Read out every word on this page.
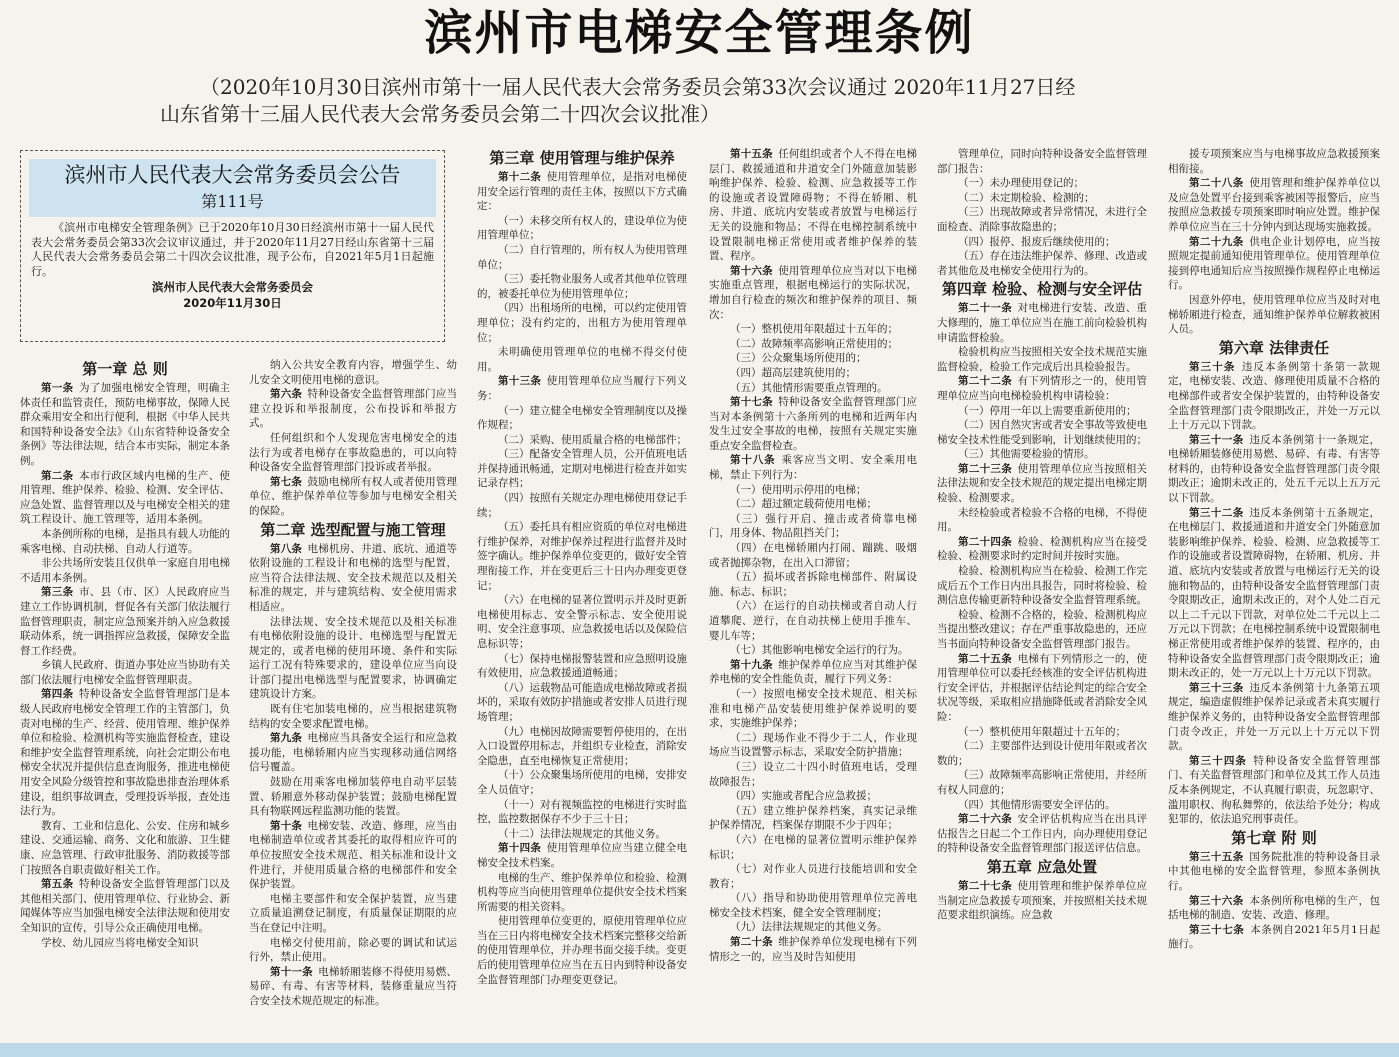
滨州市电梯安全管理条例

（2020年10月30日滨州市第十一届人民代表大会常务委员会第33次会议通过 2020年11月27日经

山东省第十三届人民代表大会常务委员会第二十四次会议批准）

滨州市人民代表大会常务委员会公告
第111号
《滨州市电梯安全管理条例》已于2020年10月30日经滨州市第十一届人民代表大会常务委员会第33次会议审议通过，并于2020年11月27日经山东省第十三届人民代表大会常务委员会第二十四次会议批准，现予公布，自2021年5月1日起施行。
滨州市人民代表大会常务委员会
2020年11月30日
第一章 总 则

第一条  为了加强电梯安全管理，明确主体责任和监管责任，预防电梯事故，保障人民群众乘用安全和出行便利，根据《中华人民共和国特种设备安全法》《山东省特种设备安全条例》等法律法规，结合本市实际，制定本条例。

第二条  本市行政区域内电梯的生产、使用管理、维护保养、检验、检测、安全评估、应急处置、监督管理以及与电梯安全相关的建筑工程设计、施工管理等，适用本条例。

本条例所称的电梯，是指具有载人功能的乘客电梯、自动扶梯、自动人行道等。

非公共场所安装且仅供单一家庭自用电梯不适用本条例。

第三条  市、县（市、区）人民政府应当建立工作协调机制，督促各有关部门依法履行监督管理职责，制定应急预案并纳入应急救援联动体系，统一调指挥应急救援，保障安全监督工作经费。

乡镇人民政府、街道办事处应当协助有关部门依法履行电梯安全监督管理职责。

第四条  特种设备安全监督管理部门是本级人民政府电梯安全管理工作的主管部门，负责对电梯的生产、经营、使用管理、维护保养单位和检验、检测机构等实施监督检查，建设和维护安全监督管理系统，向社会定期公布电梯安全状况并提供信息查询服务，推进电梯使用安全风险分级管控和事故隐患排查治理体系建设，组织事故调查，受理投诉举报，查处违法行为。

教育、工业和信息化、公安、住房和城乡建设、交通运输、商务、文化和旅游、卫生健康、应急管理、行政审批服务、消防救援等部门按照各自职责做好相关工作。

第五条  特种设备安全监督管理部门以及其他相关部门、使用管理单位、行业协会、新闻媒体等应当加强电梯安全法律法规和使用安全知识的宣传，引导公众正确使用电梯。

学校、幼儿园应当将电梯安全知识

纳入公共安全教育内容，增强学生、幼儿安全文明使用电梯的意识。

第六条  特种设备安全监督管理部门应当建立投诉和举报制度，公布投诉和举报方式。

任何组织和个人发现危害电梯安全的违法行为或者电梯存在事故隐患的，可以向特种设备安全监督管理部门投诉或者举报。

第七条  鼓励电梯所有权人或者使用管理单位、维护保养单位等参加与电梯安全相关的保险。

第二章 选型配置与施工管理

第八条  电梯机房、井道、底坑、通道等依附设施的工程设计和电梯的选型与配置，应当符合法律法规、安全技术规范以及相关标准的规定，并与建筑结构、安全使用需求相适应。

法律法规、安全技术规范以及相关标准有电梯依附设施的设计、电梯选型与配置无规定的，或者电梯的使用环境、条件和实际运行工况有特殊要求的，建设单位应当向设计部门提出电梯选型与配置要求，协调确定建筑设计方案。

既有住宅加装电梯的，应当根据建筑物结构的安全要求配置电梯。

第九条  电梯应当具备安全运行和应急救援功能，电梯轿厢内应当实现移动通信网络信号覆盖。

鼓励在用乘客电梯加装停电自动平层装置、轿厢意外移动保护装置；鼓励电梯配置具有物联网远程监测功能的装置。

第十条  电梯安装、改造、修理，应当由电梯制造单位或者其委托的取得相应许可的单位按照安全技术规范、相关标准和设计文件进行，并使用质量合格的电梯部件和安全保护装置。

电梯主要部件和安全保护装置，应当建立质量追溯登记制度，有质量保证期限的应当在登记中注明。

电梯交付使用前，除必要的调试和试运行外，禁止使用。

第十一条  电梯轿厢装修不得使用易燃、易碎、有毒、有害等材料，装修重量应当符合安全技术规范规定的标准。

第三章 使用管理与维护保养

第十二条  使用管理单位，是指对电梯使用安全运行管理的责任主体，按照以下方式确定：

（一）未移交所有权人的，建设单位为使用管理单位；

（二）自行管理的，所有权人为使用管理单位；

（三）委托物业服务人或者其他单位管理的，被委托单位为使用管理单位；

（四）出租场所的电梯，可以约定使用管理单位；没有约定的，出租方为使用管理单位；

未明确使用管理单位的电梯不得交付使用。

第十三条  使用管理单位应当履行下列义务：

（一）建立健全电梯安全管理制度以及操作规程；

（二）采购、使用质量合格的电梯部件；

（三）配备安全管理人员，公开值班电话并保持通讯畅通，定期对电梯进行检查并如实记录存档；

（四）按照有关规定办理电梯使用登记手续；

（五）委托具有相应资质的单位对电梯进行维护保养，对维护保养过程进行监督并及时签字确认。维护保养单位变更的，做好安全管理衔接工作，并在变更后三十日内办理变更登记；

（六）在电梯的显著位置明示并及时更新电梯使用标志、安全警示标志、安全使用说明、安全注意事项、应急救援电话以及保险信息标识等；

（七）保持电梯报警装置和应急照明设施有效使用，应急救援通道畅通；

（八）运载物品可能造成电梯故障或者损坏的，采取有效防护措施或者安排人员进行现场管理；

（九）电梯因故障需要暂停使用的，在出入口设置停用标志，并组织专业检查，消除安全隐患，直至电梯恢复正常使用；

（十）公众聚集场所使用的电梯，安排安全人员值守；

（十一）对有视频监控的电梯进行实时监控，监控数据保存不少于三十日；

（十二）法律法规规定的其他义务。

第十四条  使用管理单位应当建立健全电梯安全技术档案。

电梯的生产、维护保养单位和检验、检测机构等应当向使用管理单位提供安全技术档案所需要的相关资料。

使用管理单位变更的，原使用管理单位应当在三日内将电梯安全技术档案完整移交给新的使用管理单位，并办理书面交接手续。变更后的使用管理单位应当在五日内到特种设备安全监督管理部门办理变更登记。

第十五条  任何组织或者个人不得在电梯层门、救援通道和井道安全门外随意加装影响维护保养、检验、检测、应急救援等工作的设施或者设置障碍物；不得在轿厢、机房、井道、底坑内安装或者放置与电梯运行无关的设施和物品；不得在电梯控制系统中设置限制电梯正常使用或者维护保养的装置、程序。

第十六条  使用管理单位应当对以下电梯实施重点管理，根据电梯运行的实际状况，增加自行检查的频次和维护保养的项目、频次：

（一）整机使用年限超过十五年的；

（二）故障频率高影响正常使用的；

（三）公众聚集场所使用的；

（四）超高层建筑使用的；

（五）其他情形需要重点管理的。

第十七条  特种设备安全监督管理部门应当对本条例第十六条所列的电梯和近两年内发生过安全事故的电梯，按照有关规定实施重点安全监督检查。

第十八条  乘客应当文明、安全乘用电梯，禁止下列行为：

（一）使用明示停用的电梯；

（二）超过额定载荷使用电梯；

（三）强行开启、撞击或者倚靠电梯门，用身体、物品阻挡关门；

（四）在电梯轿厢内打闹、蹦跳、吸烟或者抛掷杂物，在出入口滞留；

（五）损坏或者拆除电梯部件、附属设施、标志、标识；

（六）在运行的自动扶梯或者自动人行道攀爬、逆行，在自动扶梯上使用手推车、婴儿车等；

（七）其他影响电梯安全运行的行为。

第十九条  维护保养单位应当对其维护保养电梯的安全性能负责，履行下列义务：

（一）按照电梯安全技术规范、相关标准和电梯产品安装使用维护保养说明的要求，实施维护保养；

（二）现场作业不得少于二人，作业现场应当设置警示标志，采取安全防护措施；

（三）设立二十四小时值班电话，受理故障报告；

（四）实施或者配合应急救援；

（五）建立维护保养档案，真实记录维护保养情况，档案保存期限不少于四年；

（六）在电梯的显著位置明示维护保养标识；

（七）对作业人员进行技能培训和安全教育；

（八）指导和协助使用管理单位完善电梯安全技术档案，健全安全管理制度；

（九）法律法规规定的其他义务。

第二十条  维护保养单位发现电梯有下列情形之一的，应当及时告知使用

管理单位，同时向特种设备安全监督管理部门报告：

（一）未办理使用登记的；

（二）未定期检验、检测的；

（三）出现故障或者异常情况，未进行全面检查、消除事故隐患的；

（四）报停、报废后继续使用的；

（五）存在违法维护保养、修理、改造或者其他危及电梯安全使用行为的。

第四章 检验、检测与安全评估

第二十一条  对电梯进行安装、改造、重大修理的，施工单位应当在施工前向检验机构申请监督检验。

检验机构应当按照相关安全技术规范实施监督检验，检验工作完成后出具检验报告。

第二十二条  有下列情形之一的，使用管理单位应当向电梯检验机构申请检验：

（一）停用一年以上需要重新使用的；

（二）因自然灾害或者安全事故等致使电梯安全技术性能受到影响，计划继续使用的；

（三）其他需要检验的情形。

第二十三条  使用管理单位应当按照相关法律法规和安全技术规范的规定提出电梯定期检验、检测要求。

未经检验或者检验不合格的电梯，不得使用。

第二十四条  检验、检测机构应当在接受检验、检测要求时约定时间并按时实施。

检验、检测机构应当在检验、检测工作完成后五个工作日内出具报告，同时将检验、检测信息传输更新特种设备安全监督管理系统。

检验、检测不合格的，检验、检测机构应当提出整改建议；存在严重事故隐患的，还应当书面向特种设备安全监督管理部门报告。

第二十五条  电梯有下列情形之一的，使用管理单位可以委托经核准的安全评估机构进行安全评估，并根据评估结论判定的综合安全状况等级，采取相应措施降低或者消除安全风险：

（一）整机使用年限超过十五年的；

（二）主要部件达到设计使用年限或者次数的；

（三）故障频率高影响正常使用，并经所有权人同意的；

（四）其他情形需要安全评估的。

第二十六条  安全评估机构应当在出具评估报告之日起二个工作日内，向办理使用登记的特种设备安全监督管理部门报送评估信息。

第五章 应急处置

第二十七条  使用管理和维护保养单位应当制定应急救援专项预案，并按照相关技术规范要求组织演练。应急救

援专项预案应当与电梯事故应急救援预案相衔接。

第二十八条  使用管理和维护保养单位以及应急处置平台接到乘客被困等报警后，应当按照应急救援专项预案即时响应处置。维护保养单位应当在三十分钟内到达现场实施救援。

第二十九条  供电企业计划停电，应当按照规定提前通知使用管理单位。使用管理单位接到停电通知后应当按照操作规程停止电梯运行。

因意外停电，使用管理单位应当及时对电梯轿厢进行检查，通知维护保养单位解救被困人员。

第六章 法律责任

第三十条  违反本条例第十条第一款规定，电梯安装、改造、修理使用质量不合格的电梯部件或者安全保护装置的，由特种设备安全监督管理部门责令限期改正，并处一万元以上十万元以下罚款。

第三十一条  违反本条例第十一条规定，电梯轿厢装修使用易燃、易碎、有毒、有害等材料的，由特种设备安全监督管理部门责令限期改正；逾期未改正的，处五千元以上五万元以下罚款。

第三十二条  违反本条例第十五条规定，在电梯层门、救援通道和井道安全门外随意加装影响维护保养、检验、检测、应急救援等工作的设施或者设置障碍物，在轿厢、机房、井道、底坑内安装或者放置与电梯运行无关的设施和物品的，由特种设备安全监督管理部门责令限期改正，逾期未改正的，对个人处二百元以上二千元以下罚款，对单位处二千元以上二万元以下罚款；在电梯控制系统中设置限制电梯正常使用或者维护保养的装置、程序的，由特种设备安全监督管理部门责令限期改正；逾期未改正的，处一万元以上十万元以下罚款。

第三十三条  违反本条例第十九条第五项规定，编造虚假维护保养记录或者未真实履行维护保养义务的，由特种设备安全监督管理部门责令改正，并处一万元以上十万元以下罚款。

第三十四条  特种设备安全监督管理部门、有关监督管理部门和单位及其工作人员违反本条例规定，不认真履行职责，玩忽职守、滥用职权、徇私舞弊的，依法给予处分；构成犯罪的，依法追究刑事责任。

第七章 附 则

第三十五条  国务院批准的特种设备目录中其他电梯的安全监督管理，参照本条例执行。

第三十六条  本条例所称电梯的生产，包括电梯的制造、安装、改造、修理。

第三十七条  本条例自2021年5月1日起施行。
